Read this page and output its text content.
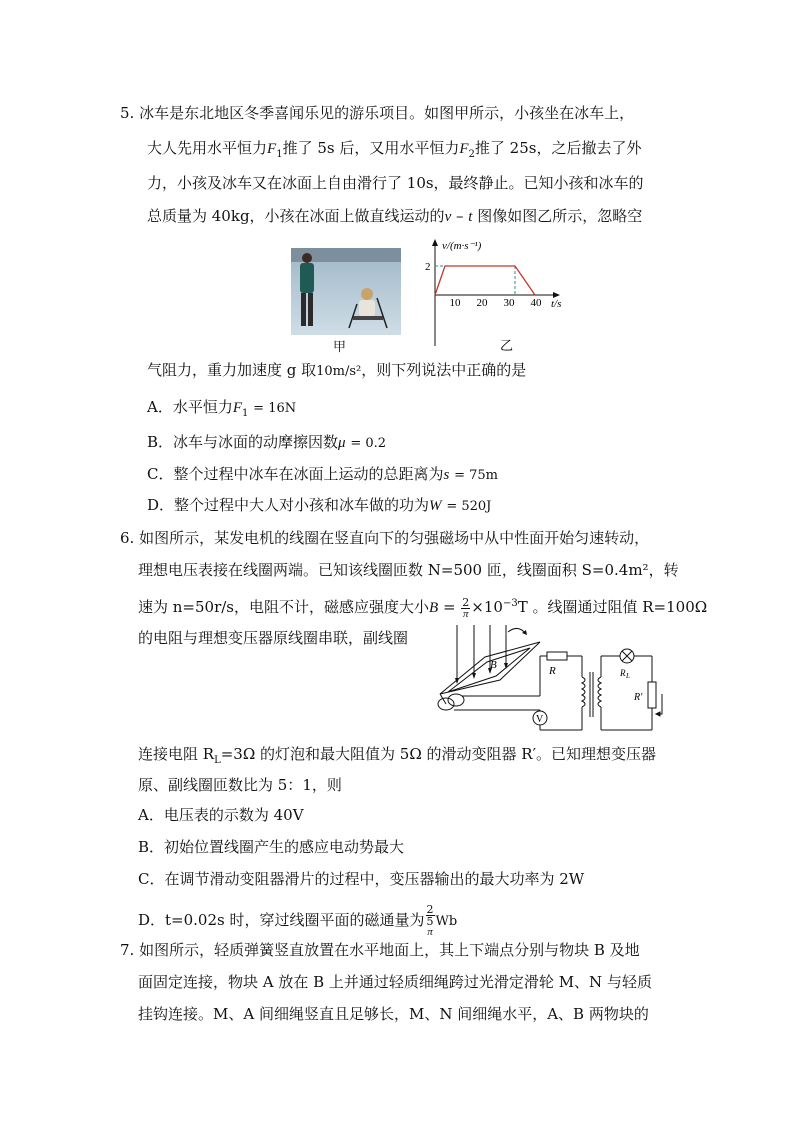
5. 冰车是东北地区冬季喜闻乐见的游乐项目。如图甲所示，小孩坐在冰车上，
大人先用水平恒力$F_1$推了 5s 后，又用水平恒力$F_2$推了 25s，之后撤去了外
力，小孩及冰车又在冰面上自由滑行了 10s，最终静止。已知小孩和冰车的
总质量为 40kg，小孩在冰面上做直线运动的v – t 图像如图乙所示，忽略空
甲
v/(m·s⁻¹)
t/s
2
10 20 30 40
乙
气阻力，重力加速度 g 取10m/s²，则下列说法中正确的是
A．水平恒力$F_1 = 16N$
B．冰车与冰面的动摩擦因数μ = 0.2
C．整个过程中冰车在冰面上运动的总距离为s = 75m
D．整个过程中大人对小孩和冰车做的功为W = 520J
6. 如图所示，某发电机的线圈在竖直向下的匀强磁场中从中性面开始匀速转动，
理想电压表接在线圈两端。已知该线圈匝数 N=500 匝，线圈面积 S=0.4m²，转
速为 n=50r/s，电阻不计，磁感应强度大小$B = \frac{2}{\pi} \times 10^{-3}T$ 。线圈通过阻值 R=100Ω
的电阻与理想变压器原线圈串联，副线圈
V
B	R	R L
R′
连接电阻 $R_L=3\Omega$ 的灯泡和最大阻值为 5Ω 的滑动变阻器 R′。已知理想变压器
原、副线圈匝数比为 5：1，则
A．电压表的示数为 40V
B．初始位置线圈产生的感应电动势最大
C．在调节滑动变阻器滑片的过程中，变压器输出的最大功率为 2W
D．t=0.02s 时，穿过线圈平面的磁通量为 2
5
π Wb
7. 如图所示，轻质弹簧竖直放置在水平地面上，其上下端点分别与物块 B 及地
面固定连接，物块 A 放在 B 上并通过轻质细绳跨过光滑定滑轮 M、N 与轻质
挂钩连接。M、A 间细绳竖直且足够长，M、N 间细绳水平，A、B 两物块的
